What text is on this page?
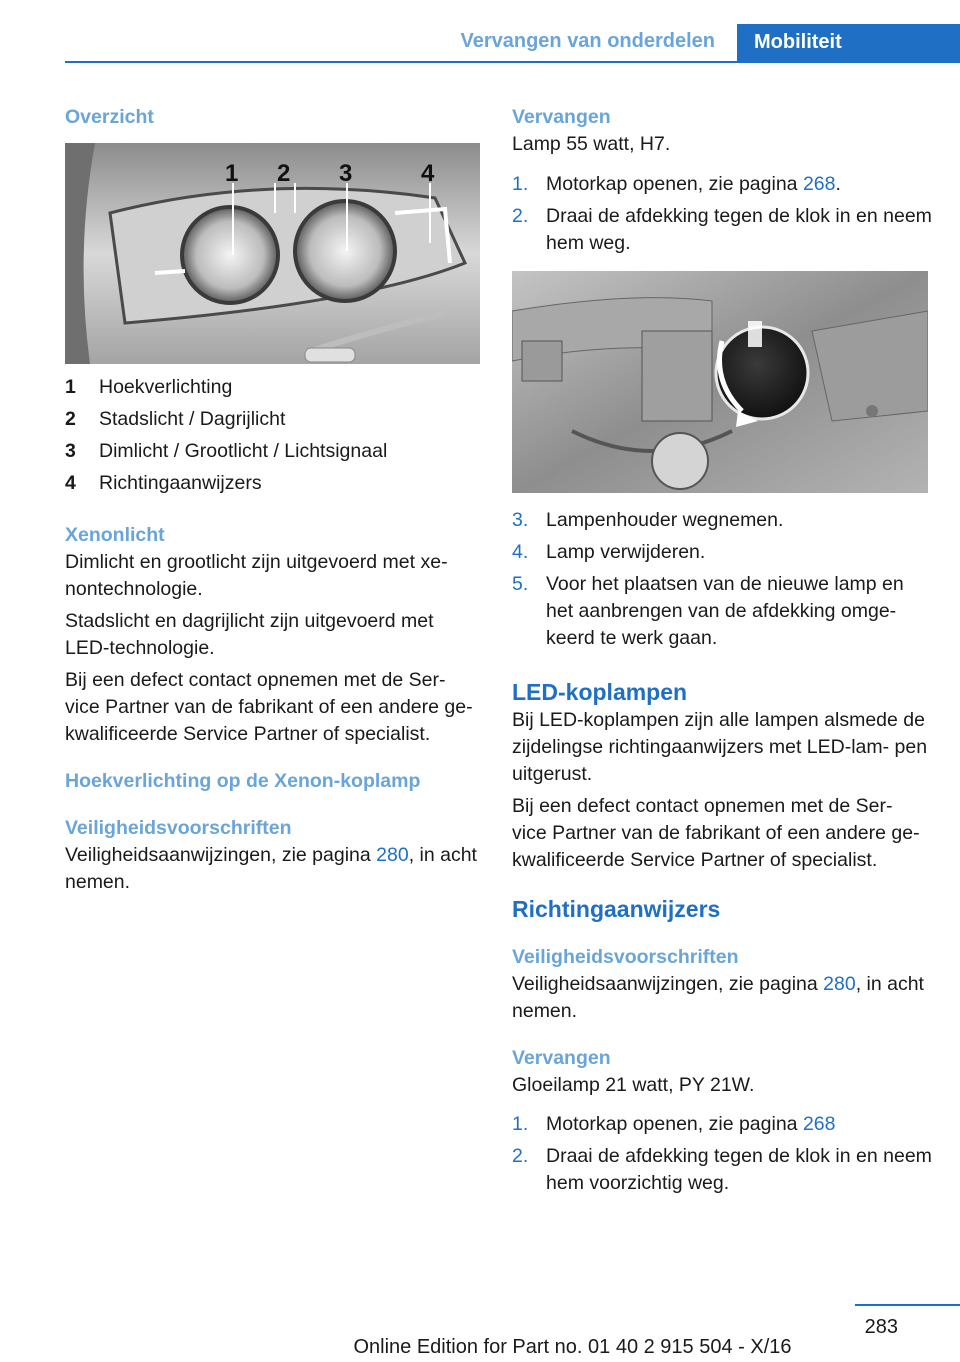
Vervangen van onderdelen	Mobiliteit

Overzicht

1 2 3	4
1 Hoekverlichting
2 Stadslicht / Dagrijlicht
3 Dimlicht / Grootlicht / Lichtsignaal
4 Richtingaanwijzers

Xenonlicht

Dimlicht en grootlicht zijn uitgevoerd met xe- nontechnologie.

Stadslicht en dagrijlicht zijn uitgevoerd met LED-technologie.

Bij een defect contact opnemen met de Ser- vice Partner van de fabrikant of een andere ge- kwalificeerde Service Partner of specialist.

Hoekverlichting op de Xenon-koplamp

Veiligheidsvoorschriften

Veiligheidsaanwijzingen, zie pagina 280, in acht nemen.

Vervangen

Lamp 55 watt, H7.

1. Motorkap openen, zie pagina 268.
2. Draai de afdekking tegen de klok in en neem hem weg.
3. Lampenhouder wegnemen.
4. Lamp verwijderen.
5. Voor het plaatsen van de nieuwe lamp en het aanbrengen van de afdekking omge- keerd te werk gaan.

LED-koplampen

Bij LED-koplampen zijn alle lampen alsmede de zijdelingse richtingaanwijzers met LED-lam- pen uitgerust.

Bij een defect contact opnemen met de Ser- vice Partner van de fabrikant of een andere ge- kwalificeerde Service Partner of specialist.

Richtingaanwijzers

Veiligheidsvoorschriften

Veiligheidsaanwijzingen, zie pagina 280, in acht nemen.

Vervangen

Gloeilamp 21 watt, PY 21W.

1. Motorkap openen, zie pagina 268
2. Draai de afdekking tegen de klok in en neem hem voorzichtig weg.
283
Online Edition for Part no. 01 40 2 915 504 - X/16
